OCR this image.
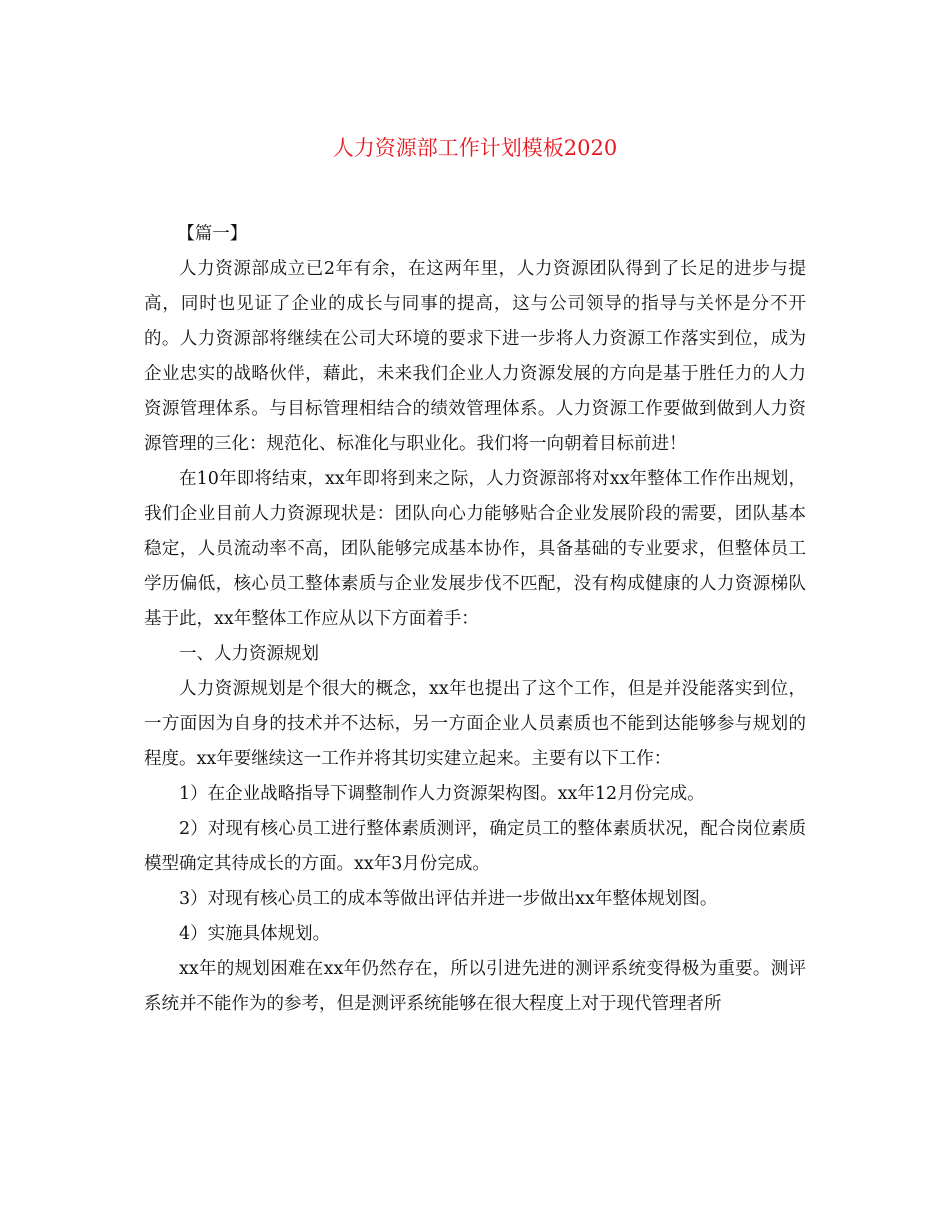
人力资源部工作计划模板2020

【篇一】

人力资源部成立已2年有余，在这两年里，人力资源团队得到了长足的进步与提高，同时也见证了企业的成长与同事的提高，这与公司领导的指导与关怀是分不开的。人力资源部将继续在公司大环境的要求下进一步将人力资源工作落实到位，成为企业忠实的战略伙伴，藉此，未来我们企业人力资源发展的方向是基于胜任力的人力资源管理体系。与目标管理相结合的绩效管理体系。人力资源工作要做到做到人力资源管理的三化：规范化、标准化与职业化。我们将一向朝着目标前进！

在10年即将结束，xx年即将到来之际，人力资源部将对xx年整体工作作出规划，我们企业目前人力资源现状是：团队向心力能够贴合企业发展阶段的需要，团队基本稳定，人员流动率不高，团队能够完成基本协作，具备基础的专业要求，但整体员工学历偏低，核心员工整体素质与企业发展步伐不匹配，没有构成健康的人力资源梯队基于此，xx年整体工作应从以下方面着手：

一、人力资源规划

人力资源规划是个很大的概念，xx年也提出了这个工作，但是并没能落实到位，一方面因为自身的技术并不达标，另一方面企业人员素质也不能到达能够参与规划的程度。xx年要继续这一工作并将其切实建立起来。主要有以下工作：

1）在企业战略指导下调整制作人力资源架构图。xx年12月份完成。

2）对现有核心员工进行整体素质测评，确定员工的整体素质状况，配合岗位素质模型确定其待成长的方面。xx年3月份完成。

3）对现有核心员工的成本等做出评估并进一步做出xx年整体规划图。

4）实施具体规划。

xx年的规划困难在xx年仍然存在，所以引进先进的测评系统变得极为重要。测评系统并不能作为的参考，但是测评系统能够在很大程度上对于现代管理者所
